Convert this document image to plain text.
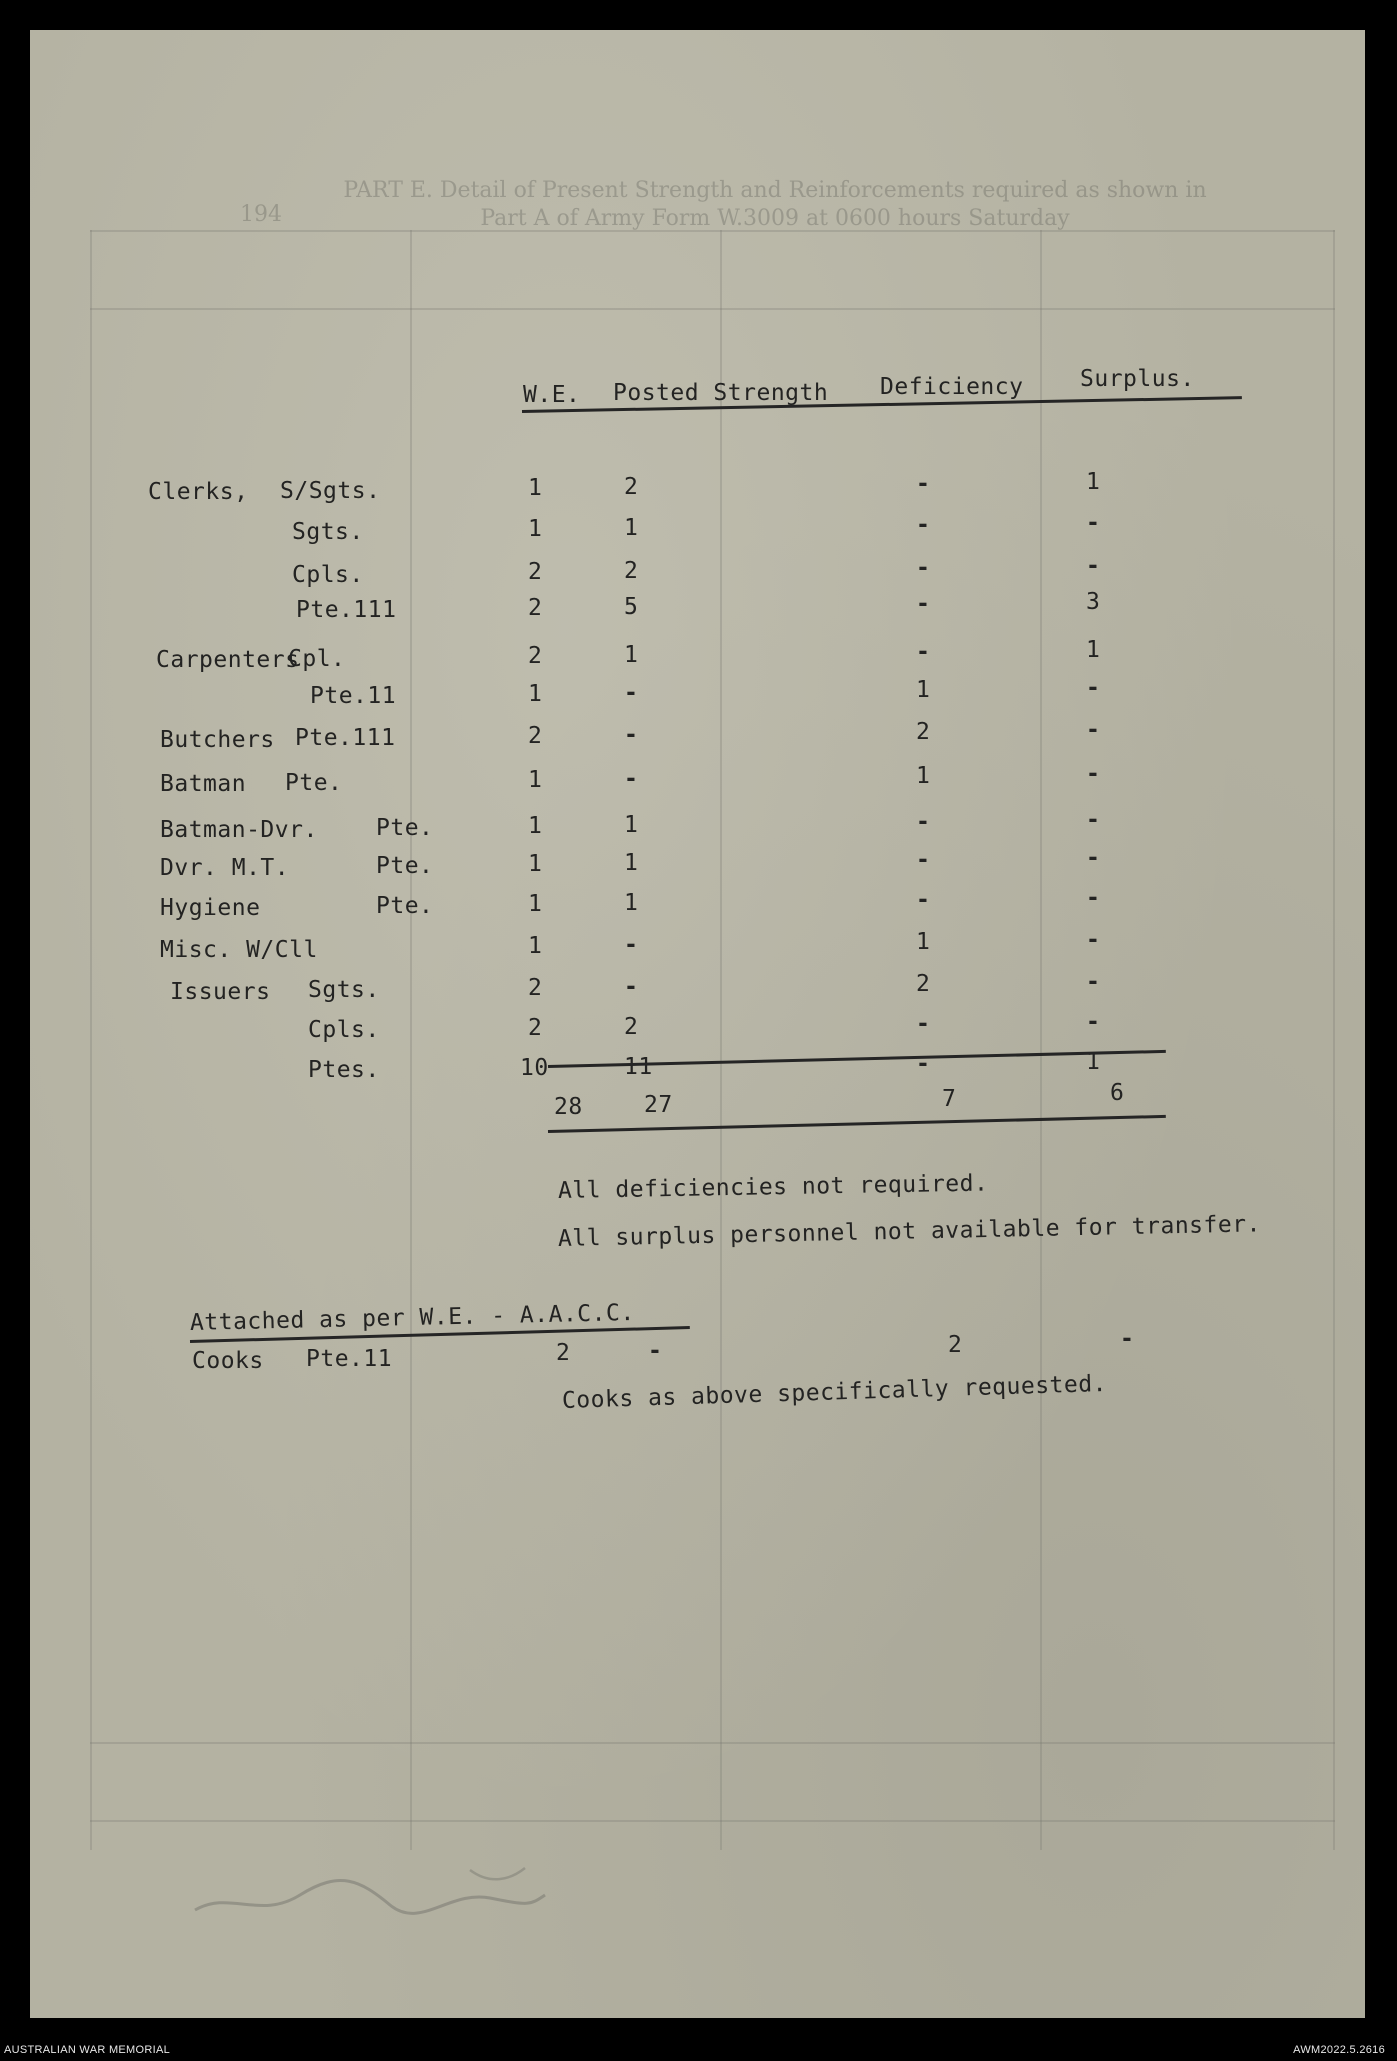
PART E. Detail of Present Strength and Reinforcements required as shown in
Part A of Army Form W.3009 at 0600 hours Saturday
194
W.E. Posted Strength Deficiency Surplus.
Clerks, S/Sgts.	1	2	-	1
Sgts.	1	1	-	-
Cpls.	2	2	-	-
Pte.111	2	5	-	3
Carpenters
Cpl.	2	1	-	1
Pte.11	1	-	1	-
Butchers Pte.111	2	-	2	-
Batman Pte.	1	-	1	-
Batman-Dvr.	Pte.	1	1	-	-
Dvr. M.T.	Pte.	1	1	-	-
Hygiene	Pte.	1	1	-	-
Misc. W/Cll	1	-	1	-
Issuers Sgts.	2	-	2	-
Cpls.	2	2	-	-
Ptes.	10	11	-	1
28	27	7	6
All deficiencies not required.
All surplus personnel not available for transfer.
Attached as per W.E. - A.A.C.C.
Cooks Pte.11	2	-	2	-
Cooks as above specifically requested.
AUSTRALIAN WAR MEMORIAL	AWM2022.5.2616
